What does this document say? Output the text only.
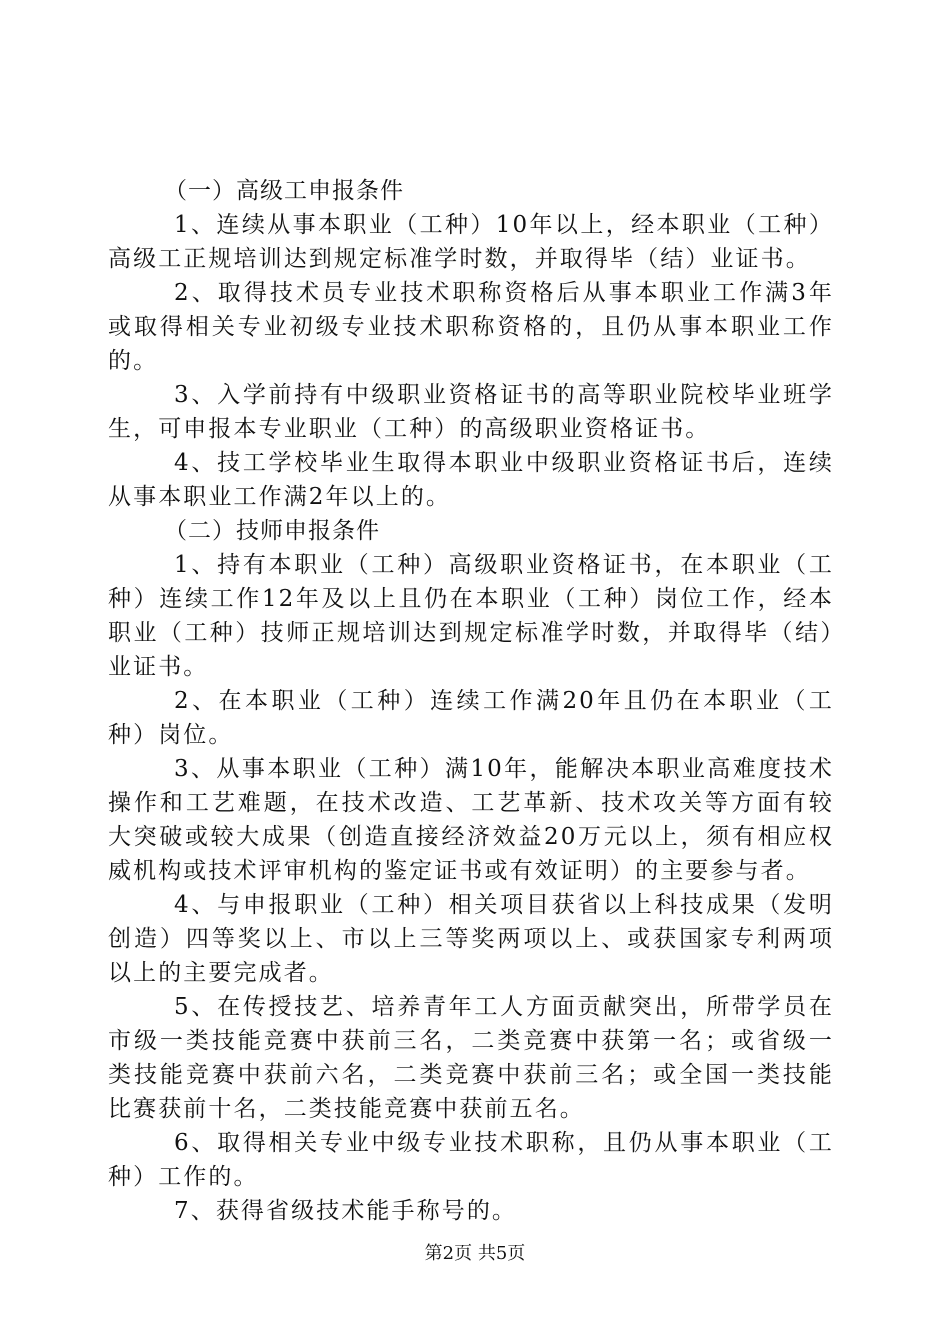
（一）高级工申报条件

1、连续从事本职业（工种）10年以上，经本职业（工种）高级工正规培训达到规定标准学时数，并取得毕（结）业证书。

2、取得技术员专业技术职称资格后从事本职业工作满3年或取得相关专业初级专业技术职称资格的，且仍从事本职业工作的。

3、入学前持有中级职业资格证书的高等职业院校毕业班学生，可申报本专业职业（工种）的高级职业资格证书。

4、技工学校毕业生取得本职业中级职业资格证书后，连续从事本职业工作满2年以上的。

（二）技师申报条件

1、持有本职业（工种）高级职业资格证书，在本职业（工种）连续工作12年及以上且仍在本职业（工种）岗位工作，经本职业（工种）技师正规培训达到规定标准学时数，并取得毕（结）业证书。

2、在本职业（工种）连续工作满20年且仍在本职业（工种）岗位。

3、从事本职业（工种）满10年，能解决本职业高难度技术操作和工艺难题，在技术改造、工艺革新、技术攻关等方面有较大突破或较大成果（创造直接经济效益20万元以上，须有相应权威机构或技术评审机构的鉴定证书或有效证明）的主要参与者。

4、与申报职业（工种）相关项目获省以上科技成果（发明创造）四等奖以上、市以上三等奖两项以上、或获国家专利两项以上的主要完成者。

5、在传授技艺、培养青年工人方面贡献突出，所带学员在市级一类技能竞赛中获前三名，二类竞赛中获第一名；或省级一类技能竞赛中获前六名，二类竞赛中获前三名；或全国一类技能比赛获前十名，二类技能竞赛中获前五名。

6、取得相关专业中级专业技术职称，且仍从事本职业（工种）工作的。

7、获得省级技术能手称号的。

第2页 共5页
